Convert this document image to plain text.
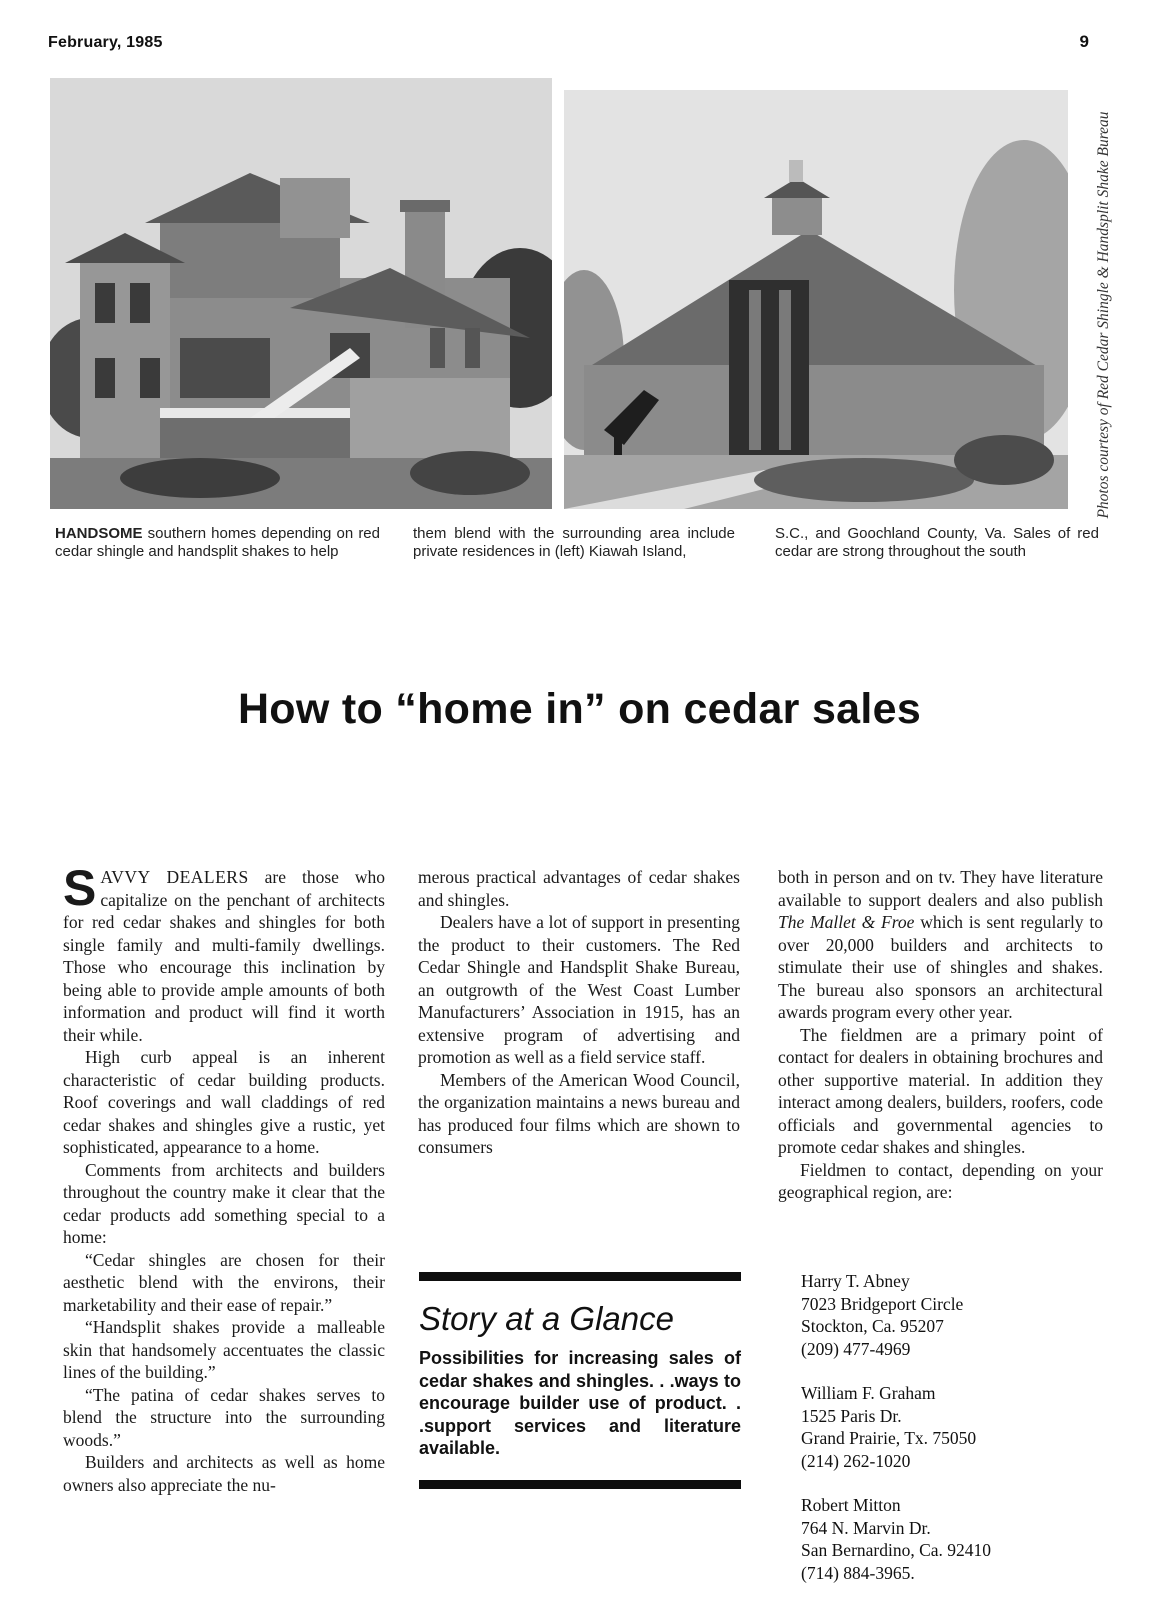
February, 1985	9
Photos courtesy of Red Cedar Shingle & Handsplit Shake Bureau
HANDSOME southern homes depending on red cedar shingle and handsplit shakes to help
them blend with the surrounding area include private residences in (left) Kiawah Island,
S.C., and Goochland County, Va. Sales of red cedar are strong throughout the south
How to “home in” on cedar sales

SAVVY DEALERS are those who capitalize on the penchant of architects for red cedar shakes and shingles for both single family and multi-family dwellings. Those who encourage this inclination by being able to provide ample amounts of both information and product will find it worth their while.

High curb appeal is an inherent characteristic of cedar building products. Roof coverings and wall claddings of red cedar shakes and shingles give a rustic, yet sophisticated, appearance to a home.

Comments from architects and builders throughout the country make it clear that the cedar products add something special to a home:

“Cedar shingles are chosen for their aesthetic blend with the environs, their marketability and their ease of repair.”

“Handsplit shakes provide a malleable skin that handsomely accentuates the classic lines of the building.”

“The patina of cedar shakes serves to blend the structure into the surrounding woods.”

Builders and architects as well as home owners also appreciate the nu-

merous practical advantages of cedar shakes and shingles.

Dealers have a lot of support in presenting the product to their customers. The Red Cedar Shingle and Handsplit Shake Bureau, an outgrowth of the West Coast Lumber Manufacturers’ Association in 1915, has an extensive program of advertising and promotion as well as a field service staff.

Members of the American Wood Council, the organization maintains a news bureau and has produced four films which are shown to consumers

Story at a Glance
Possibilities for increasing sales of cedar shakes and shingles. . .ways to encourage builder use of product. . .support services and literature available.

both in person and on tv. They have literature available to support dealers and also publish The Mallet & Froe which is sent regularly to over 20,000 builders and architects to stimulate their use of shingles and shakes. The bureau also sponsors an architectural awards program every other year.

The fieldmen are a primary point of contact for dealers in obtaining brochures and other supportive material. In addition they interact among dealers, builders, roofers, code officials and governmental agencies to promote cedar shakes and shingles.

Fieldmen to contact, depending on your geographical region, are:

Harry T. Abney
7023 Bridgeport Circle
Stockton, Ca. 95207
(209) 477-4969
William F. Graham
1525 Paris Dr.
Grand Prairie, Tx. 75050
(214) 262-1020
Robert Mitton
764 N. Marvin Dr.
San Bernardino, Ca. 92410
(714) 884-3965.
